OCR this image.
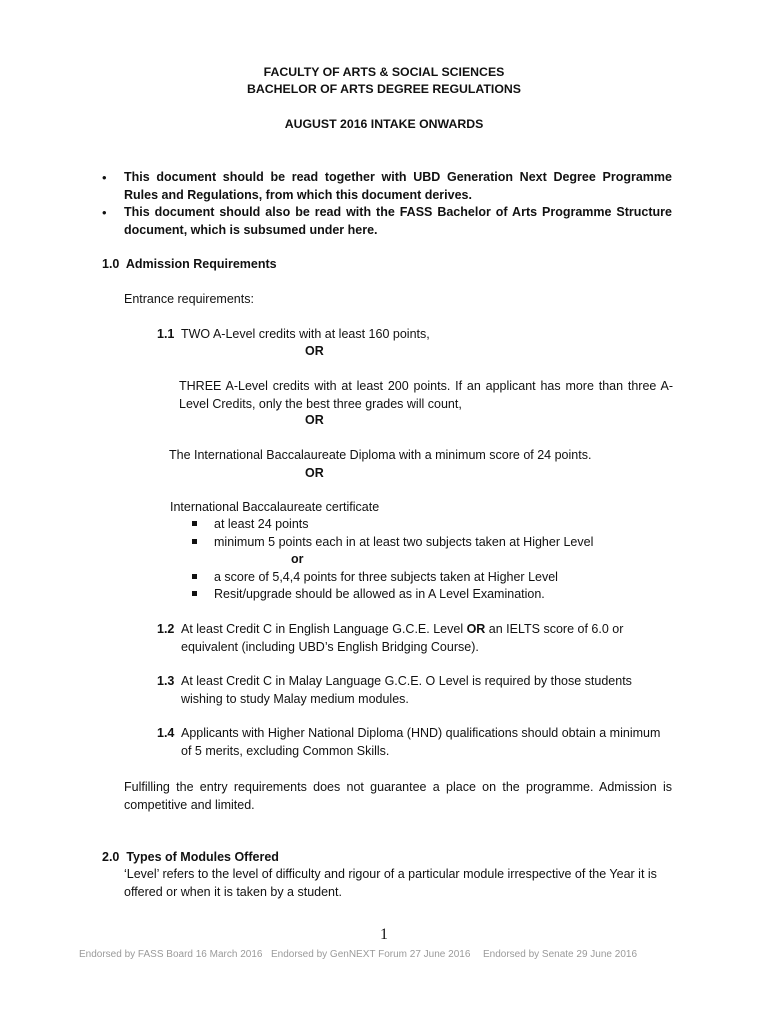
FACULTY OF ARTS & SOCIAL SCIENCES
BACHELOR OF ARTS DEGREE REGULATIONS
AUGUST 2016 INTAKE ONWARDS
• This document should be read together with UBD Generation Next Degree Programme Rules and Regulations, from which this document derives.
• This document should also be read with the FASS Bachelor of Arts Programme Structure document, which is subsumed under here.
1.0 Admission Requirements
Entrance requirements:
1.1 TWO A-Level credits with at least 160 points,
OR
THREE A-Level credits with at least 200 points. If an applicant has more than three A-Level Credits, only the best three grades will count,
OR
The International Baccalaureate Diploma with a minimum score of 24 points.
OR
International Baccalaureate certificate
at least 24 points
minimum 5 points each in at least two subjects taken at Higher Level
or
a score of 5,4,4 points for three subjects taken at Higher Level
Resit/upgrade should be allowed as in A Level Examination.
1.2 At least Credit C in English Language G.C.E. Level OR an IELTS score of 6.0 or equivalent (including UBD’s English Bridging Course).
1.3 At least Credit C in Malay Language G.C.E. O Level is required by those students wishing to study Malay medium modules.
1.4 Applicants with Higher National Diploma (HND) qualifications should obtain a minimum of 5 merits, excluding Common Skills.
Fulfilling the entry requirements does not guarantee a place on the programme. Admission is competitive and limited.
2.0 Types of Modules Offered
‘Level’ refers to the level of difficulty and rigour of a particular module irrespective of the Year it is offered or when it is taken by a student.
1
Endorsed by FASS Board 16 March 2016 Endorsed by GenNEXT Forum 27 June 2016 Endorsed by Senate 29 June 2016
